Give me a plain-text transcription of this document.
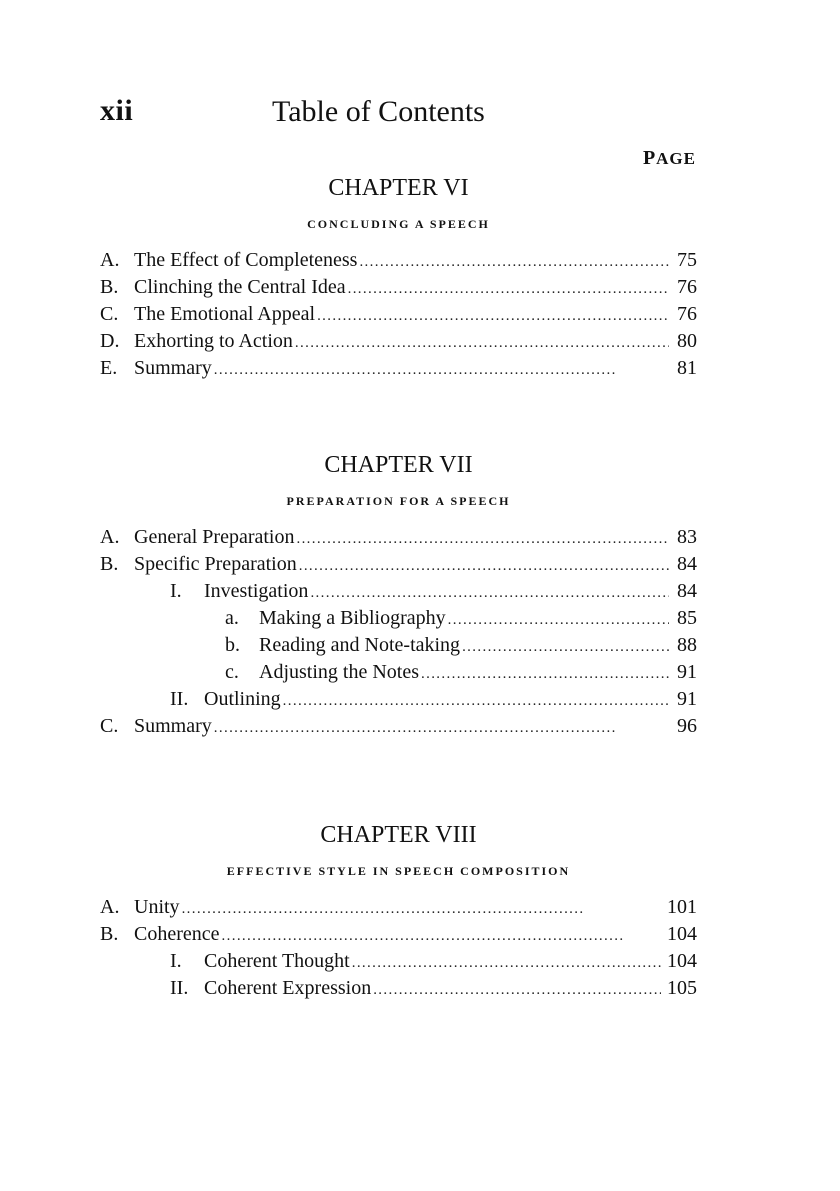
xii	Table of Contents
PAGE
CHAPTER VI
CONCLUDING A SPEECH
A. The Effect of Completeness . . .	75
B. Clinching the Central Idea . . .	76
C. The Emotional Appeal . . .	76
D. Exhorting to Action . . .	80
E. Summary . . .	81
CHAPTER VII
PREPARATION FOR A SPEECH
A. General Preparation . . .	83
B. Specific Preparation . . .	84
I.	Investigation . . .	84
a.	Making a Bibliography . . .	85
b. Reading and Note-taking . . .	88
c.	Adjusting the Notes . . .	91
II. Outlining . . .	91
C. Summary . . .	96
CHAPTER VIII
EFFECTIVE STYLE IN SPEECH COMPOSITION
A. Unity . . .	101
B. Coherence . . .	104
I.	Coherent Thought . . .	104
II. Coherent Expression . . .	105
